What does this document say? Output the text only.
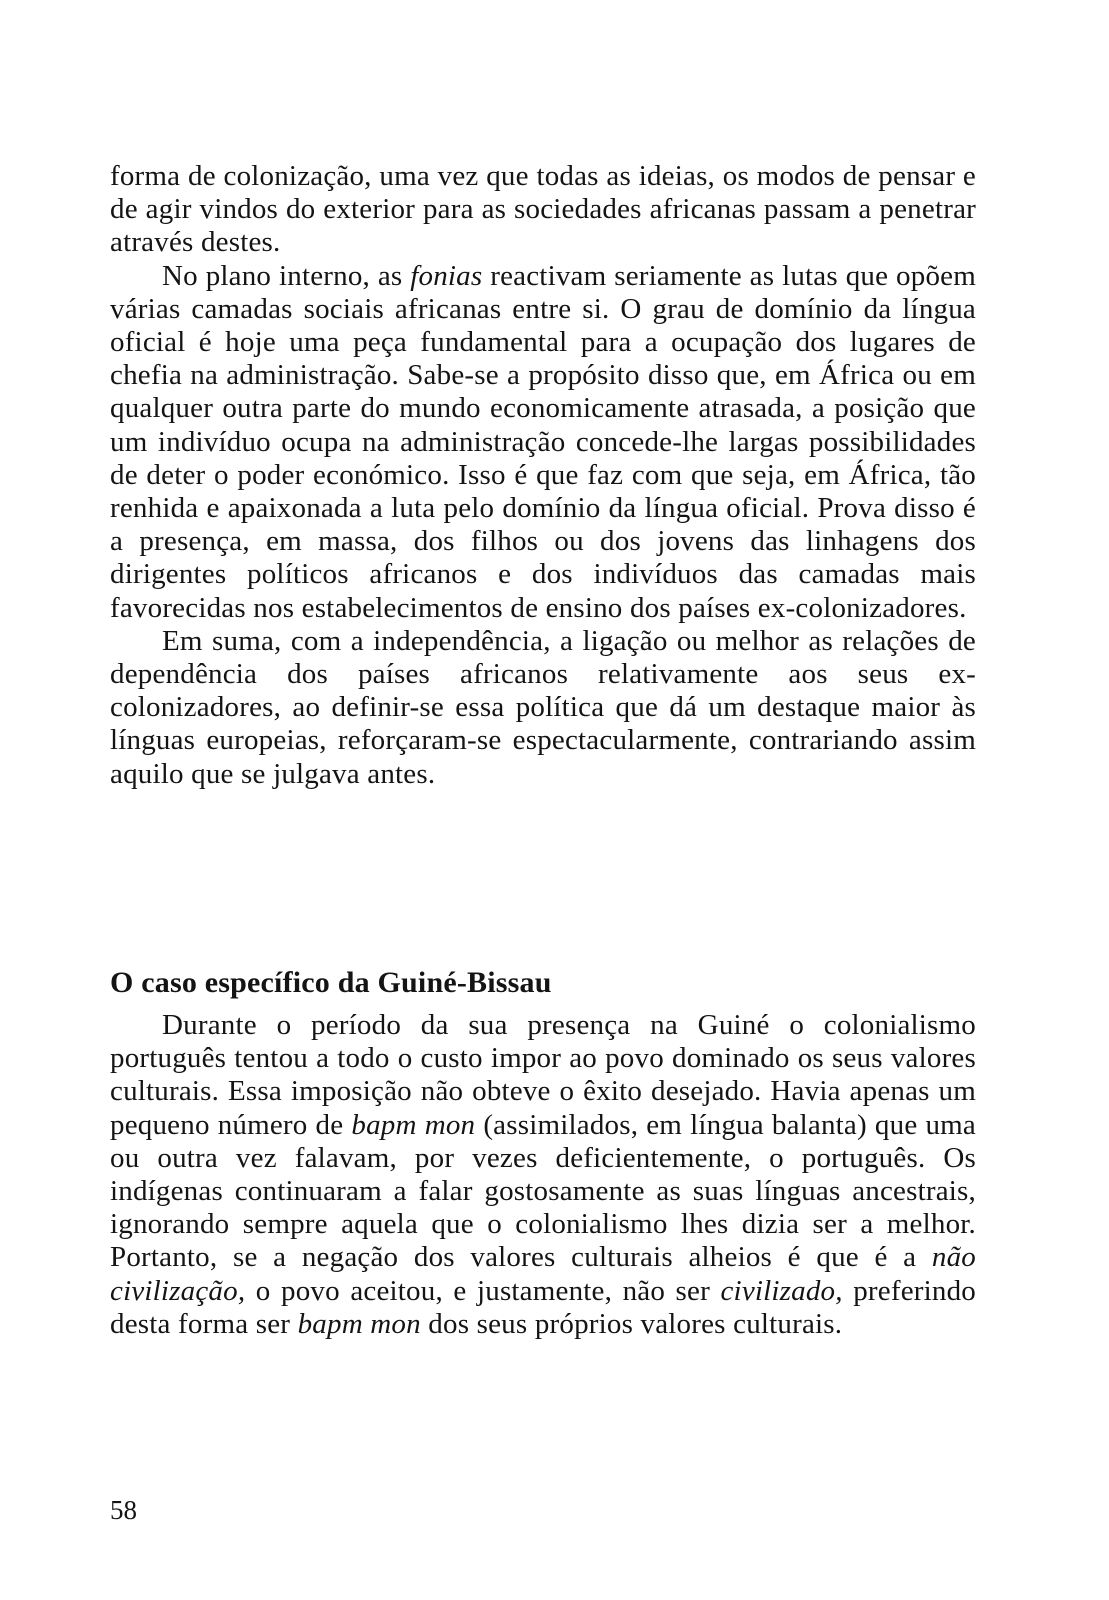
forma de colonização, uma vez que todas as ideias, os modos de pensar e de agir vindos do exterior para as sociedades africanas passam a penetrar através destes.

No plano interno, as fonias reactivam seriamente as lutas que opõem várias camadas sociais africanas entre si. O grau de domínio da língua oficial é hoje uma peça fundamental para a ocupação dos lugares de chefia na administração. Sabe-se a propósito disso que, em África ou em qualquer outra parte do mundo economicamente atrasada, a posição que um indivíduo ocupa na administração concede-lhe largas possibilidades de deter o poder económico. Isso é que faz com que seja, em África, tão renhida e apaixonada a luta pelo domínio da língua oficial. Prova disso é a presença, em massa, dos filhos ou dos jovens das linhagens dos dirigentes políticos africanos e dos indivíduos das camadas mais favorecidas nos estabelecimentos de ensino dos países ex-colonizadores.

Em suma, com a independência, a ligação ou melhor as relações de dependência dos países africanos relativamente aos seus ex-colonizadores, ao definir-se essa política que dá um destaque maior às línguas europeias, reforçaram-se espectacularmente, contrariando assim aquilo que se julgava antes.

O caso específico da Guiné-Bissau

Durante o período da sua presença na Guiné o colonialismo português tentou a todo o custo impor ao povo dominado os seus valores culturais. Essa imposição não obteve o êxito desejado. Havia apenas um pequeno número de bapm mon (assimilados, em língua balanta) que uma ou outra vez falavam, por vezes deficientemente, o português. Os indígenas continuaram a falar gostosamente as suas línguas ancestrais, ignorando sempre aquela que o colonialismo lhes dizia ser a melhor. Portanto, se a negação dos valores culturais alheios é que é a não civilização, o povo aceitou, e justamente, não ser civilizado, preferindo desta forma ser bapm mon dos seus próprios valores culturais.

58
